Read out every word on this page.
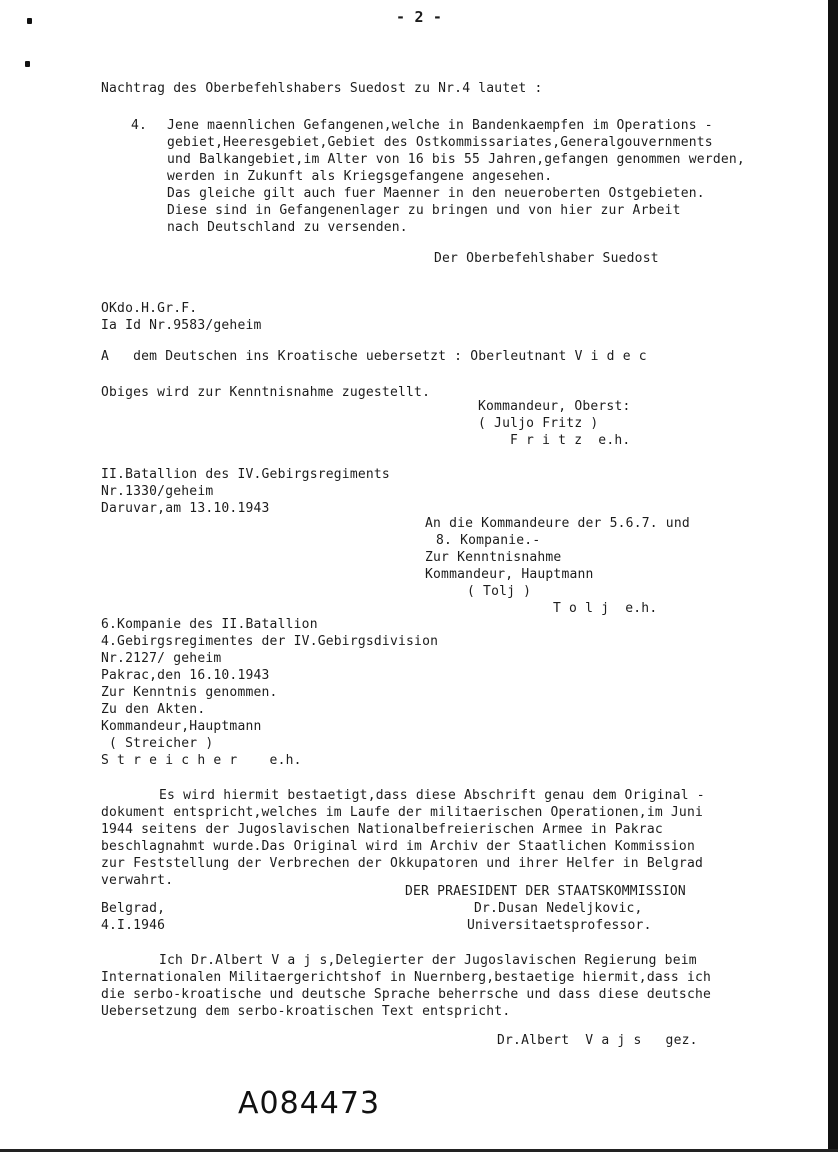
- 2 -
Nachtrag des Oberbefehlshabers Suedost zu Nr.4 lautet :
4. Jene maennlichen Gefangenen,welche in Bandenkaempfen im Operations -
gebiet,Heeresgebiet,Gebiet des Ostkommissariates,Generalgouvernments
und Balkangebiet,im Alter von 16 bis 55 Jahren,gefangen genommen werden,
werden in Zukunft als Kriegsgefangene angesehen.
Das gleiche gilt auch fuer Maenner in den neueroberten Ostgebieten.
Diese sind in Gefangenenlager zu bringen und von hier zur Arbeit
nach Deutschland zu versenden.
Der Oberbefehlshaber Suedost
OKdo.H.Gr.F.
Ia Id Nr.9583/geheim
A   dem Deutschen ins Kroatische uebersetzt : Oberleutnant V i d e c
Obiges wird zur Kenntnisnahme zugestellt.
Kommandeur, Oberst:
( Juljo Fritz )
F r i t z  e.h.
II.Batallion des IV.Gebirgsregiments
Nr.1330/geheim
Daruvar,am 13.10.1943
An die Kommandeure der 5.6.7. und
8. Kompanie.-
Zur Kenntnisnahme
Kommandeur, Hauptmann
( Tolj )
T o l j  e.h.
6.Kompanie des II.Batallion
4.Gebirgsregimentes der IV.Gebirgsdivision
Nr.2127/ geheim
Pakrac,den 16.10.1943
Zur Kenntnis genommen.
Zu den Akten.
Kommandeur,Hauptmann
( Streicher )
S t r e i c h e r    e.h.
Es wird hiermit bestaetigt,dass diese Abschrift genau dem Original -
dokument entspricht,welches im Laufe der militaerischen Operationen,im Juni
1944 seitens der Jugoslavischen Nationalbefreierischen Armee in Pakrac
beschlagnahmt wurde.Das Original wird im Archiv der Staatlichen Kommission
zur Feststellung der Verbrechen der Okkupatoren und ihrer Helfer in Belgrad
verwahrt.
DER PRAESIDENT DER STAATSKOMMISSION
Dr.Dusan Nedeljkovic,
Universitaetsprofessor.
Belgrad,
4.I.1946
Ich Dr.Albert V a j s,Delegierter der Jugoslavischen Regierung beim
Internationalen Militaergerichtshof in Nuernberg,bestaetige hiermit,dass ich
die serbo-kroatische und deutsche Sprache beherrsche und dass diese deutsche
Uebersetzung dem serbo-kroatischen Text entspricht.
Dr.Albert  V a j s   gez.
A084473
